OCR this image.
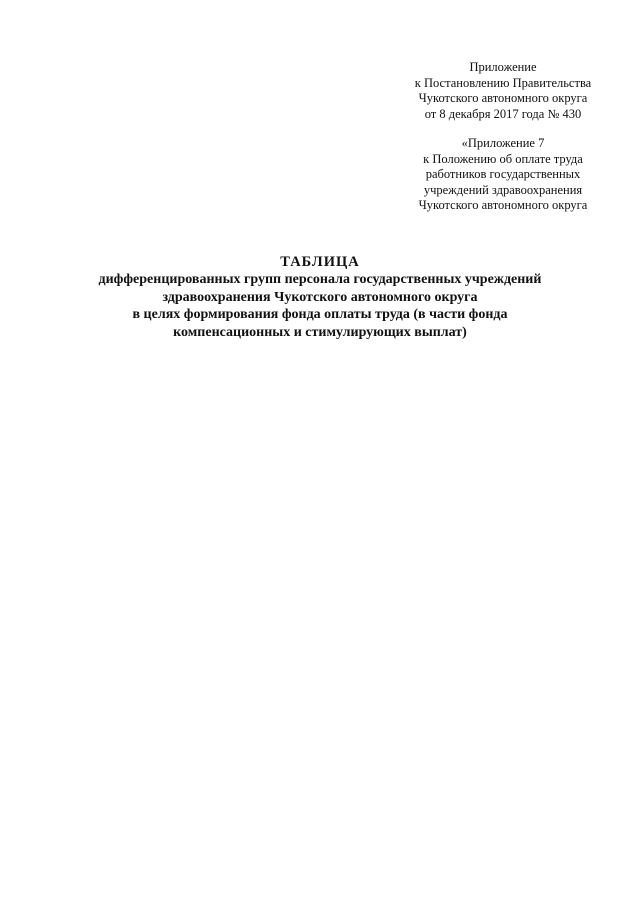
Приложение
к Постановлению Правительства
Чукотского автономного округа
от 8 декабря 2017 года № 430
«Приложение 7
к Положению об оплате труда
работников государственных
учреждений здравоохранения
Чукотского автономного округа
ТАБЛИЦА
дифференцированных групп персонала государственных учреждений
здравоохранения Чукотского автономного округа
в целях формирования фонда оплаты труда (в части фонда
компенсационных и стимулирующих выплат)
